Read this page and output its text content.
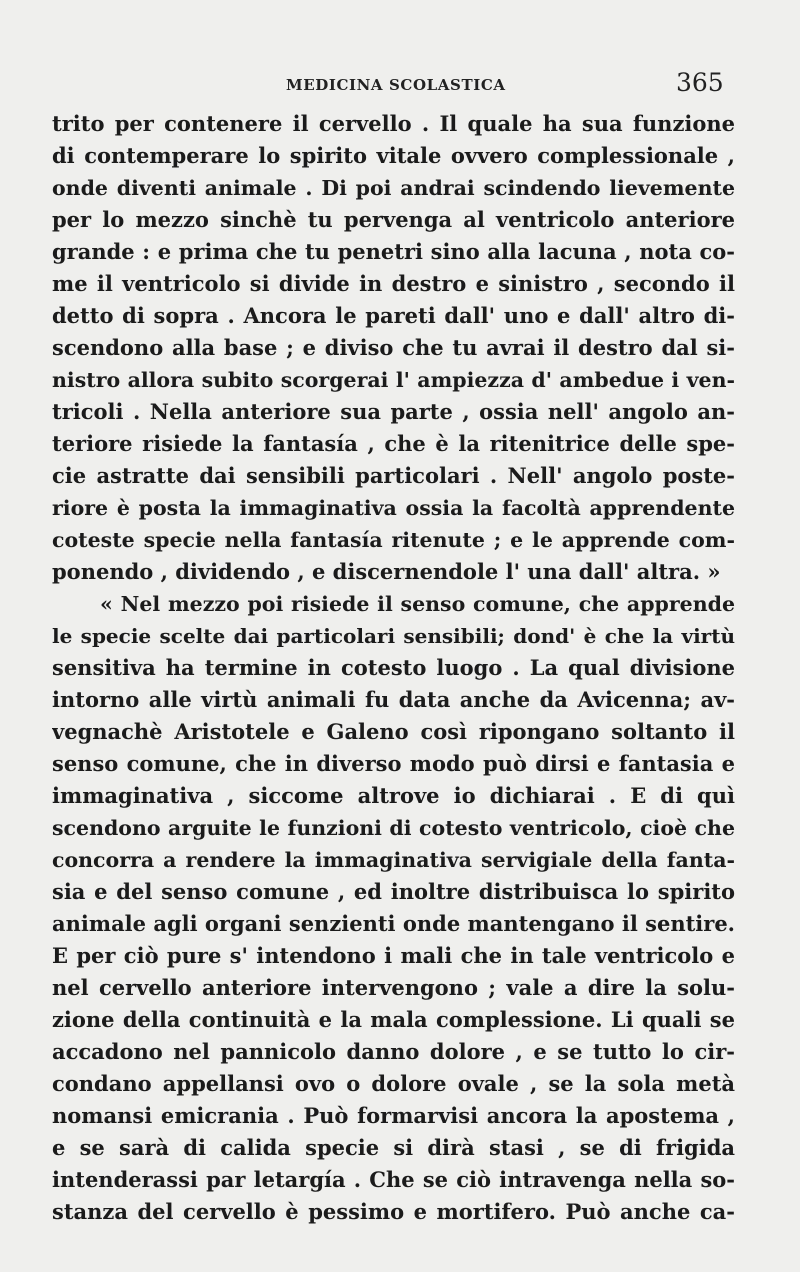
MEDICINA SCOLASTICA	365
trito per contenere il cervello . Il quale ha sua funzione
di contemperare lo spirito vitale ovvero complessionale ,
onde diventi animale . Di poi andrai scindendo lievemente
per lo mezzo sinchè tu pervenga al ventricolo anteriore
grande : e prima che tu penetri sino alla lacuna , nota co-
me il ventricolo si divide in destro e sinistro , secondo il
detto di sopra . Ancora le pareti dall' uno e dall' altro di-
scendono alla base ; e diviso che tu avrai il destro dal si-
nistro allora subito scorgerai l' ampiezza d' ambedue i ven-
tricoli . Nella anteriore sua parte , ossia nell' angolo an-
teriore risiede la fantasía , che è la ritenitrice delle spe-
cie astratte dai sensibili particolari . Nell' angolo poste-
riore è posta la immaginativa ossia la facoltà apprendente
coteste specie nella fantasía ritenute ; e le apprende com-
ponendo , dividendo , e discernendole l' una dall' altra. »
« Nel mezzo poi risiede il senso comune, che apprende
le specie scelte dai particolari sensibili; dond' è che la virtù
sensitiva ha termine in cotesto luogo . La qual divisione
intorno alle virtù animali fu data anche da Avicenna; av-
vegnachè Aristotele e Galeno così ripongano soltanto il
senso comune, che in diverso modo può dirsi e fantasia e
immaginativa , siccome altrove io dichiarai . E di quì
scendono arguite le funzioni di cotesto ventricolo, cioè che
concorra a rendere la immaginativa servigiale della fanta-
sia e del senso comune , ed inoltre distribuisca lo spirito
animale agli organi senzienti onde mantengano il sentire.
E per ciò pure s' intendono i mali che in tale ventricolo e
nel cervello anteriore intervengono ; vale a dire la solu-
zione della continuità e la mala complessione. Li quali se
accadono nel pannicolo danno dolore , e se tutto lo cir-
condano appellansi ovo o dolore ovale , se la sola metà
nomansi emicrania . Può formarvisi ancora la apostema ,
e se sarà di calida specie si dirà stasi , se di frigida
intenderassi par letargía . Che se ciò intravenga nella so-
stanza del cervello è pessimo e mortifero. Può anche ca-
